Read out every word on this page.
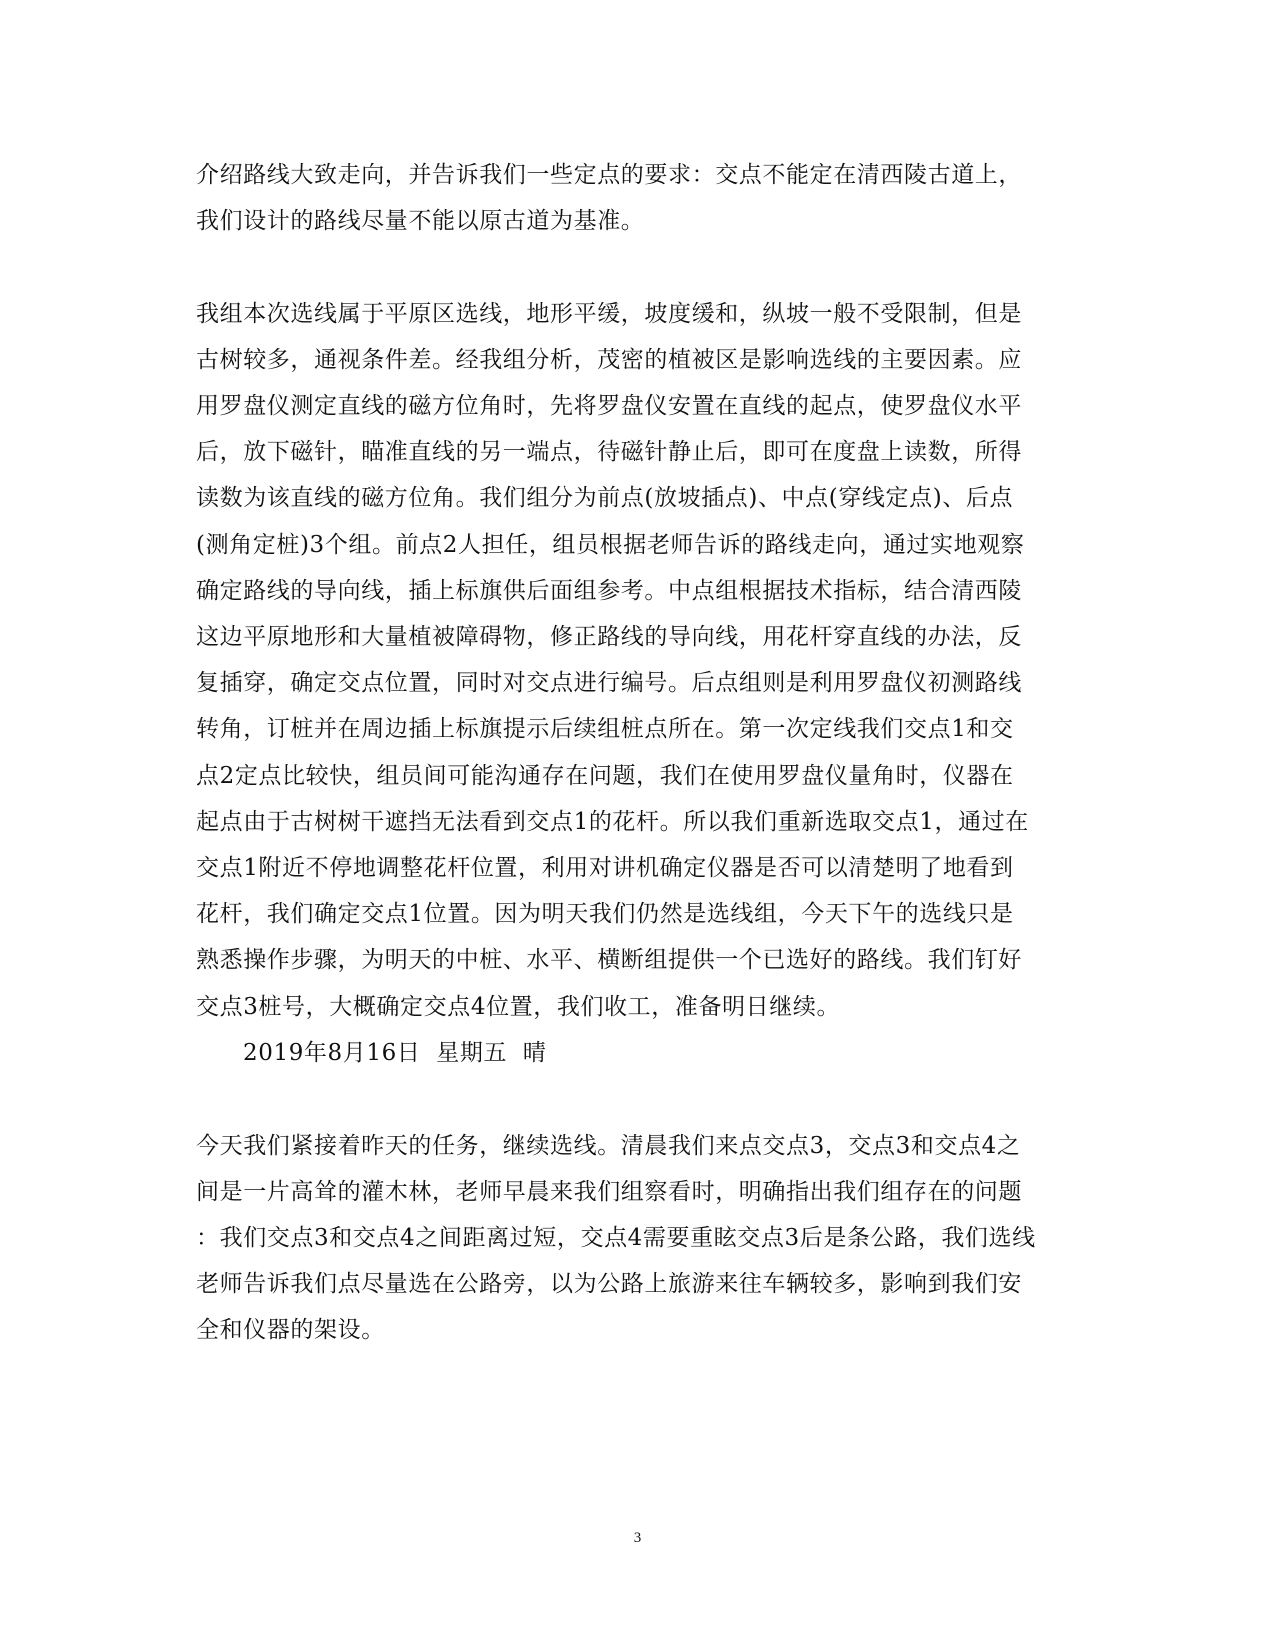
介绍路线大致走向，并告诉我们一些定点的要求：交点不能定在清西陵古道上，
我们设计的路线尽量不能以原古道为基准。
我组本次选线属于平原区选线，地形平缓，坡度缓和，纵坡一般不受限制，但是
古树较多，通视条件差。经我组分析，茂密的植被区是影响选线的主要因素。应
用罗盘仪测定直线的磁方位角时，先将罗盘仪安置在直线的起点，使罗盘仪水平
后，放下磁针，瞄准直线的另一端点，待磁针静止后，即可在度盘上读数，所得
读数为该直线的磁方位角。我们组分为前点(放坡插点)、中点(穿线定点)、后点
(测角定桩)3个组。前点2人担任，组员根据老师告诉的路线走向，通过实地观察
确定路线的导向线，插上标旗供后面组参考。中点组根据技术指标，结合清西陵
这边平原地形和大量植被障碍物，修正路线的导向线，用花杆穿直线的办法，反
复插穿，确定交点位置，同时对交点进行编号。后点组则是利用罗盘仪初测路线
转角，订桩并在周边插上标旗提示后续组桩点所在。第一次定线我们交点1和交
点2定点比较快，组员间可能沟通存在问题，我们在使用罗盘仪量角时，仪器在
起点由于古树树干遮挡无法看到交点1的花杆。所以我们重新选取交点1，通过在
交点1附近不停地调整花杆位置，利用对讲机确定仪器是否可以清楚明了地看到
花杆，我们确定交点1位置。因为明天我们仍然是选线组，今天下午的选线只是
熟悉操作步骤，为明天的中桩、水平、横断组提供一个已选好的路线。我们钉好
交点3桩号，大概确定交点4位置，我们收工，准备明日继续。
2019年8月16日  星期五  晴
今天我们紧接着昨天的任务，继续选线。清晨我们来点交点3，交点3和交点4之
间是一片高耸的灌木林，老师早晨来我们组察看时，明确指出我们组存在的问题
：我们交点3和交点4之间距离过短，交点4需要重眩交点3后是条公路，我们选线
老师告诉我们点尽量选在公路旁，以为公路上旅游来往车辆较多，影响到我们安
全和仪器的架设。
3
